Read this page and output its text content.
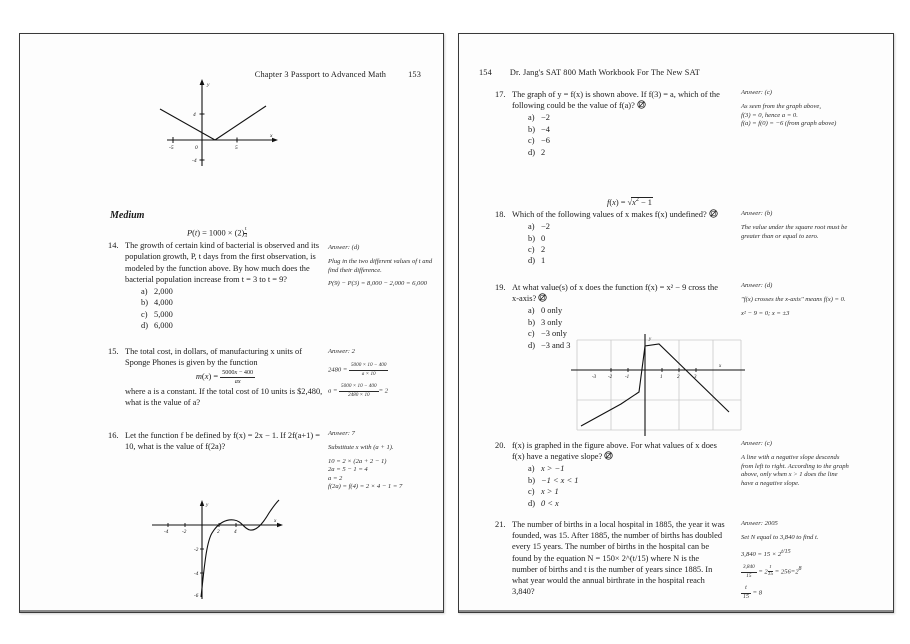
Chapter 3 Passport to Advanced Math	153
-5	5
4
-4
y
x
0
Medium
$P(t) = 1000 \times (2) \frac{t}{3}$
14. The growth of certain kind of bacterial is observed and its population growth, P, t days from the first observation, is modeled by the function above. By how much does the bacterial population increase from t = 3 to t = 9?
a) 2,000
b) 4,000
c) 5,000
d) 6,000
Answer: (d)

Plug in the two different values of t and find their difference.

P(9) − P(3) = 8,000 − 2,000 = 6,000

15. The total cost, in dollars, of manufacturing x units of Sponge Phones is given by the function
$m(x) = \frac{5000x - 400}{ax}$
where a is a constant. If the total cost of 10 units is $2,480, what is the value of a?
Answer: 2

$2480 = \frac{5000 \times 10 - 400}{a \times 10}$

$a = \frac{5000 \times 10 - 400}{2480 \times 10} = 2$

16. Let the function f be defined by f(x) = 2x − 1. If 2f(a+1) = 10, what is the value of f(2a)?
Answer: 7

Substitute x with (a + 1).

10 = 2 × (2a + 2 − 1)

2a = 5 − 1 = 4

a = 2

f(2a) = f(4) = 2 × 4 − 1 = 7

-4	-2	2	4
-2
-4
-6
y
x
154 Dr. Jang's SAT 800 Math Workbook For The New SAT
17. The graph of y = f(x) is shown above. If f(3) = a, which of the following could be the value of f(a)?
a) −2
b) −4
c) −6
d) 2
Answer: (c)

As seen from the graph above,

f(3) = 0, hence a = 0.

f(a) = f(0) = −6 (from graph above)

$f(x) = √x^2 - 1$
18. Which of the following values of x makes f(x) undefined?
a) −2
b) 0
c) 2
d) 1
Answer: (b)

The value under the square root must be greater than or equal to zero.

19. At what value(s) of x does the function f(x) = x² − 9 cross the x-axis?
a) 0 only
b) 3 only
c) −3 only
d) −3 and 3
Answer: (d)

"f(x) crosses the x-axis" means f(x) = 0.

x² − 9 = 0; x = ±3

-3 -2	-1	1	2	3
x
y
20. f(x) is graphed in the figure above. For what values of x does f(x) have a negative slope?
a) x > −1
b) −1 < x < 1
c) x > 1
d) 0 < x
Answer: (c)

A line with a negative slope descends from left to right. According to the graph above, only when x > 1 does the line have a negative slope.

21. The number of births in a local hospital in 1885, the year it was founded, was 15. After 1885, the number of births has doubled every 15 years. The number of births in the hospital can be found by the equation N = 150× 2^(t/15) where N is the number of births and t is the number of years since 1885. In what year would the annual birthrate in the hospital reach 3,840?
Answer: 2005

Set N equal to 3,840 to find t.

3,840 = 15 × 2t/15

$\frac{3,840}{15} = 2 \frac{t}{15} = 256=28$

$\frac{t}{15} = 8$
